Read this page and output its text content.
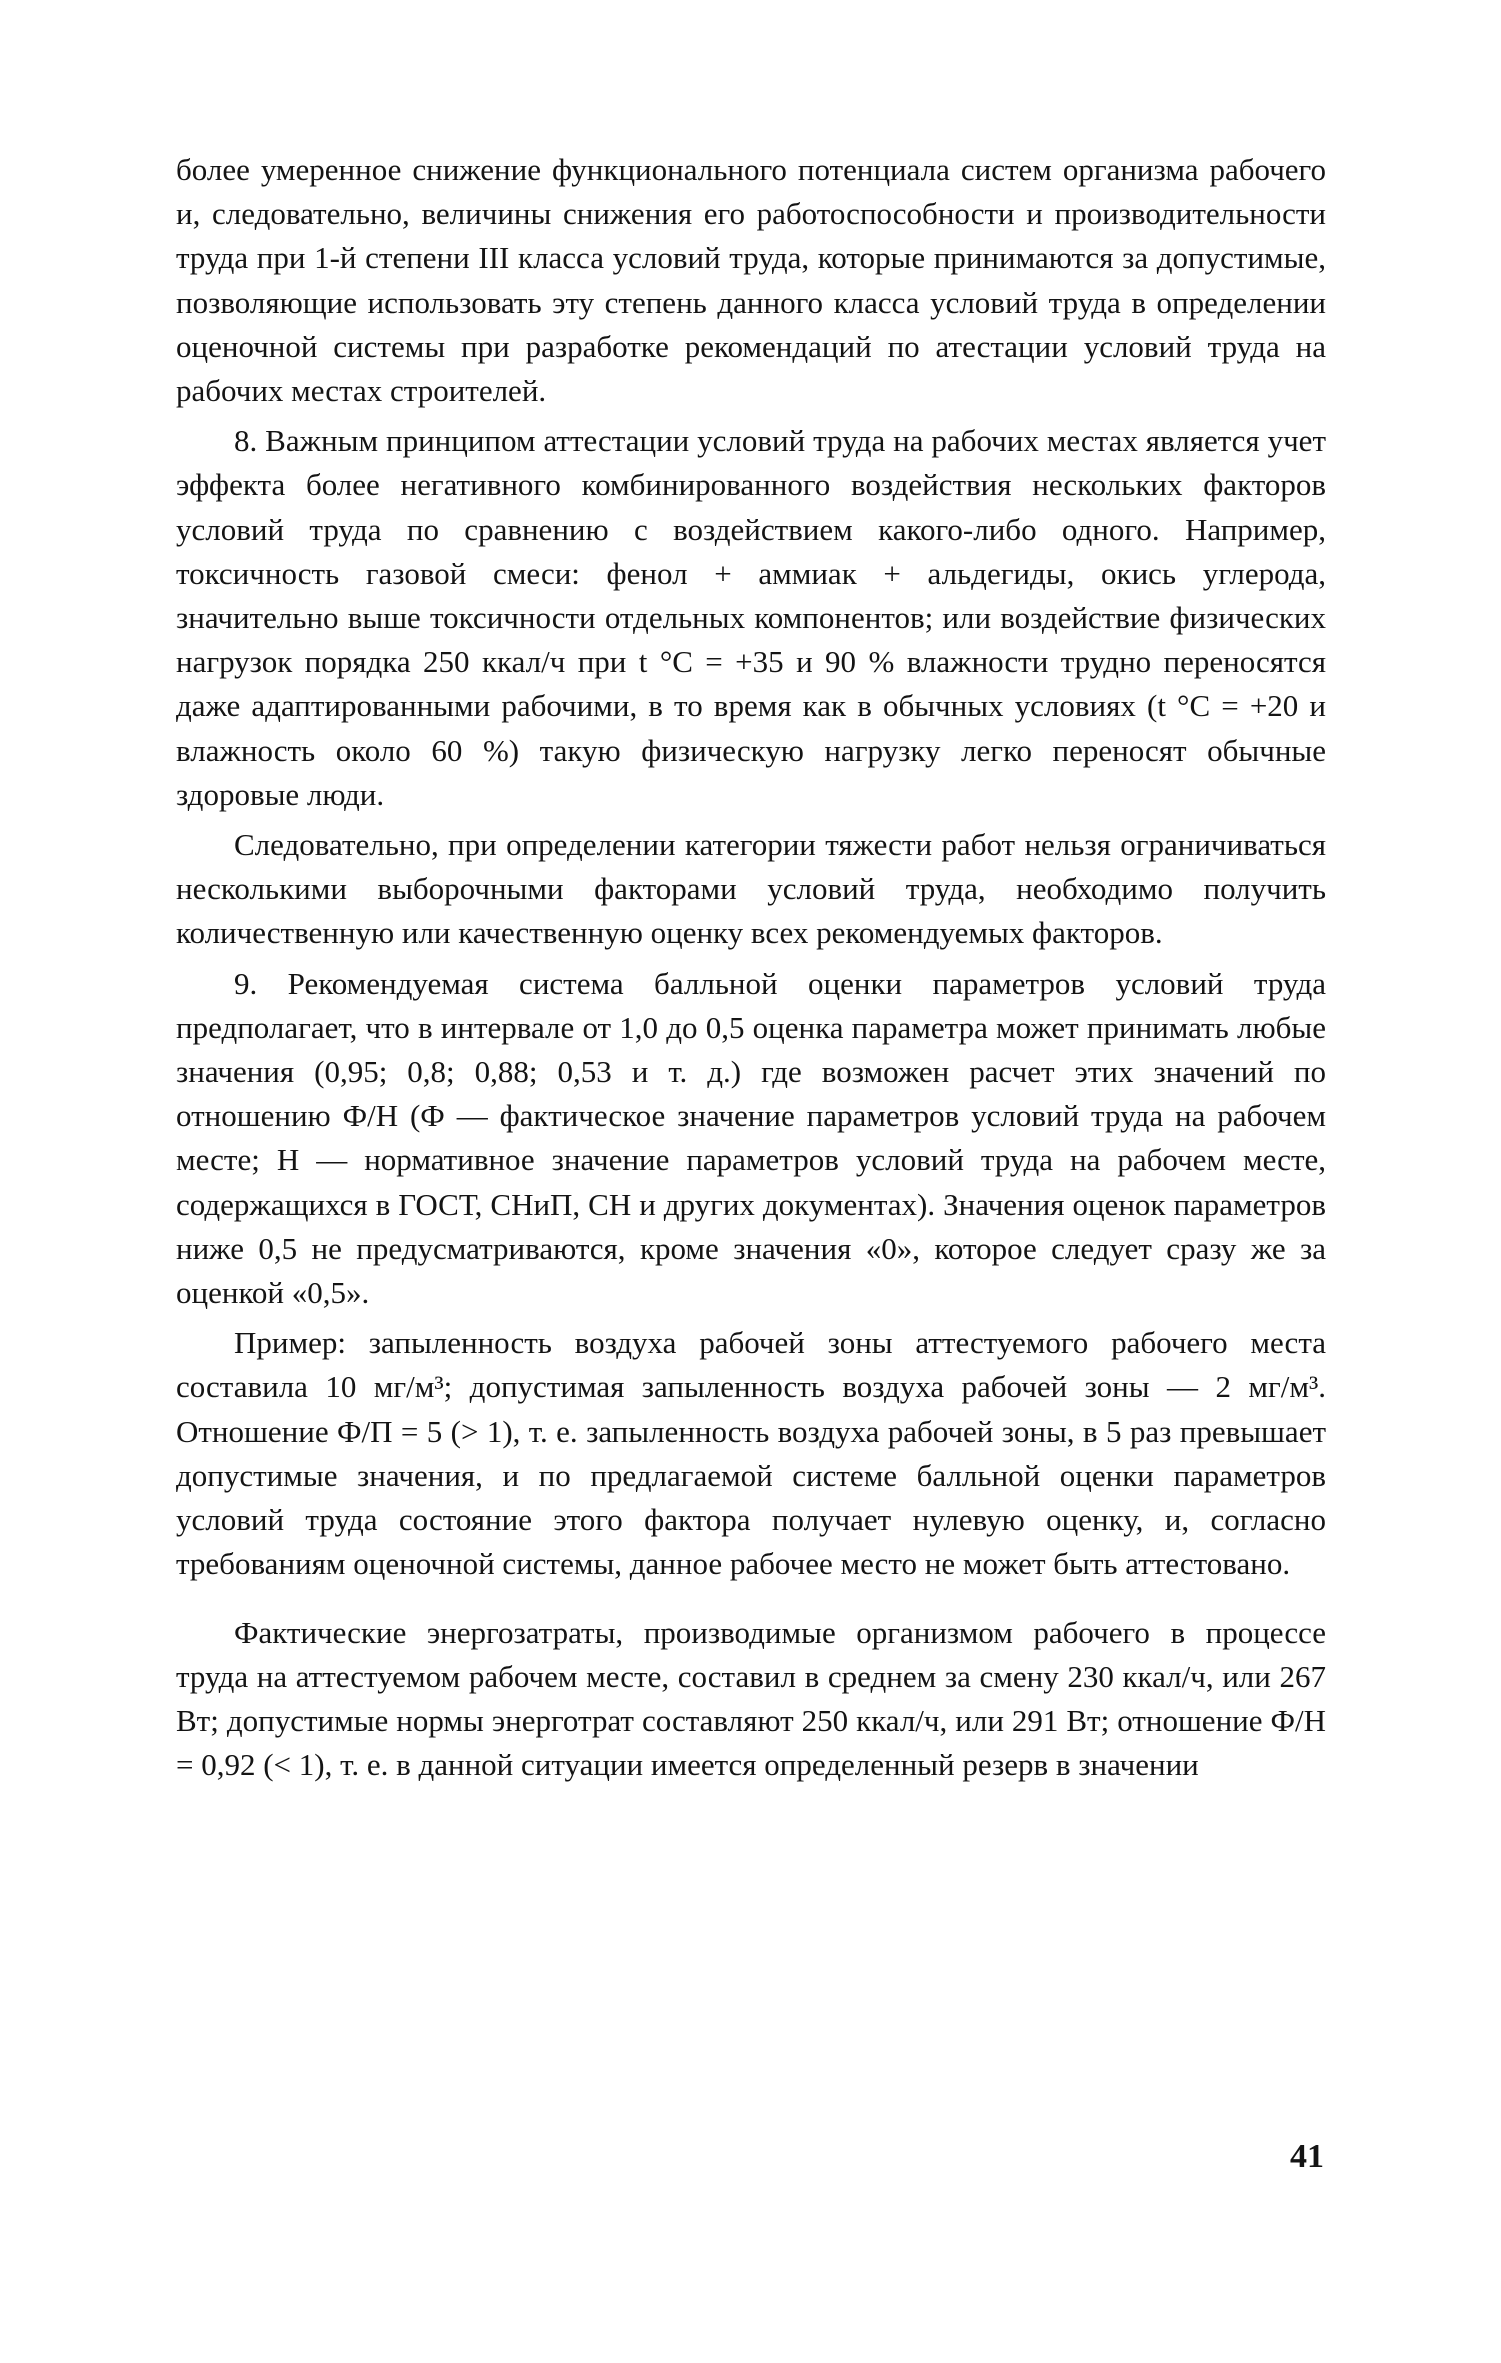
более умеренное снижение функционального потенциала систем организма рабочего и, следовательно, величины снижения его работоспособности и производительности труда при 1-й степени III класса условий труда, которые принимаются за допустимые, позволяющие использовать эту степень данного класса условий труда в определении оценочной системы при разработке рекомендаций по атестации условий труда на рабочих местах строителей.

8. Важным принципом аттестации условий труда на рабочих местах является учет эффекта более негативного комбинированного воздействия нескольких факторов условий труда по сравнению с воздействием какого-либо одного. Например, токсичность газовой смеси: фенол + аммиак + альдегиды, окись углерода, значительно выше токсичности отдельных компонентов; или воздействие физических нагрузок порядка 250 ккал/ч при t °C = +35 и 90 % влажности трудно переносятся даже адаптированными рабочими, в то время как в обычных условиях (t °C = +20 и влажность около 60 %) такую физическую нагрузку легко переносят обычные здоровые люди.

Следовательно, при определении категории тяжести работ нельзя ограничиваться несколькими выборочными факторами условий труда, необходимо получить количественную или качественную оценку всех рекомендуемых факторов.

9. Рекомендуемая система балльной оценки параметров условий труда предполагает, что в интервале от 1,0 до 0,5 оценка параметра может принимать любые значения (0,95; 0,8; 0,88; 0,53 и т. д.) где возможен расчет этих значений по отношению Ф/Н (Ф — фактическое значение параметров условий труда на рабочем месте; Н — нормативное значение параметров условий труда на рабочем месте, содержащихся в ГОСТ, СНиП, СН и других документах). Значения оценок параметров ниже 0,5 не предусматриваются, кроме значения «0», которое следует сразу же за оценкой «0,5».

Пример: запыленность воздуха рабочей зоны аттестуемого рабочего места составила 10 мг/м³; допустимая запыленность воздуха рабочей зоны — 2 мг/м³. Отношение Ф/П = 5 (> 1), т. е. запыленность воздуха рабочей зоны, в 5 раз превышает допустимые значения, и по предлагаемой системе балльной оценки параметров условий труда состояние этого фактора получает нулевую оценку, и, согласно требованиям оценочной системы, данное рабочее место не может быть аттестовано.

Фактические энергозатраты, производимые организмом рабочего в процессе труда на аттестуемом рабочем месте, составил в среднем за смену 230 ккал/ч, или 267 Вт; допустимые нормы энерготрат составляют 250 ккал/ч, или 291 Вт; отношение Ф/Н = 0,92 (< 1), т. е. в данной ситуации имеется определенный резерв в значении

41
